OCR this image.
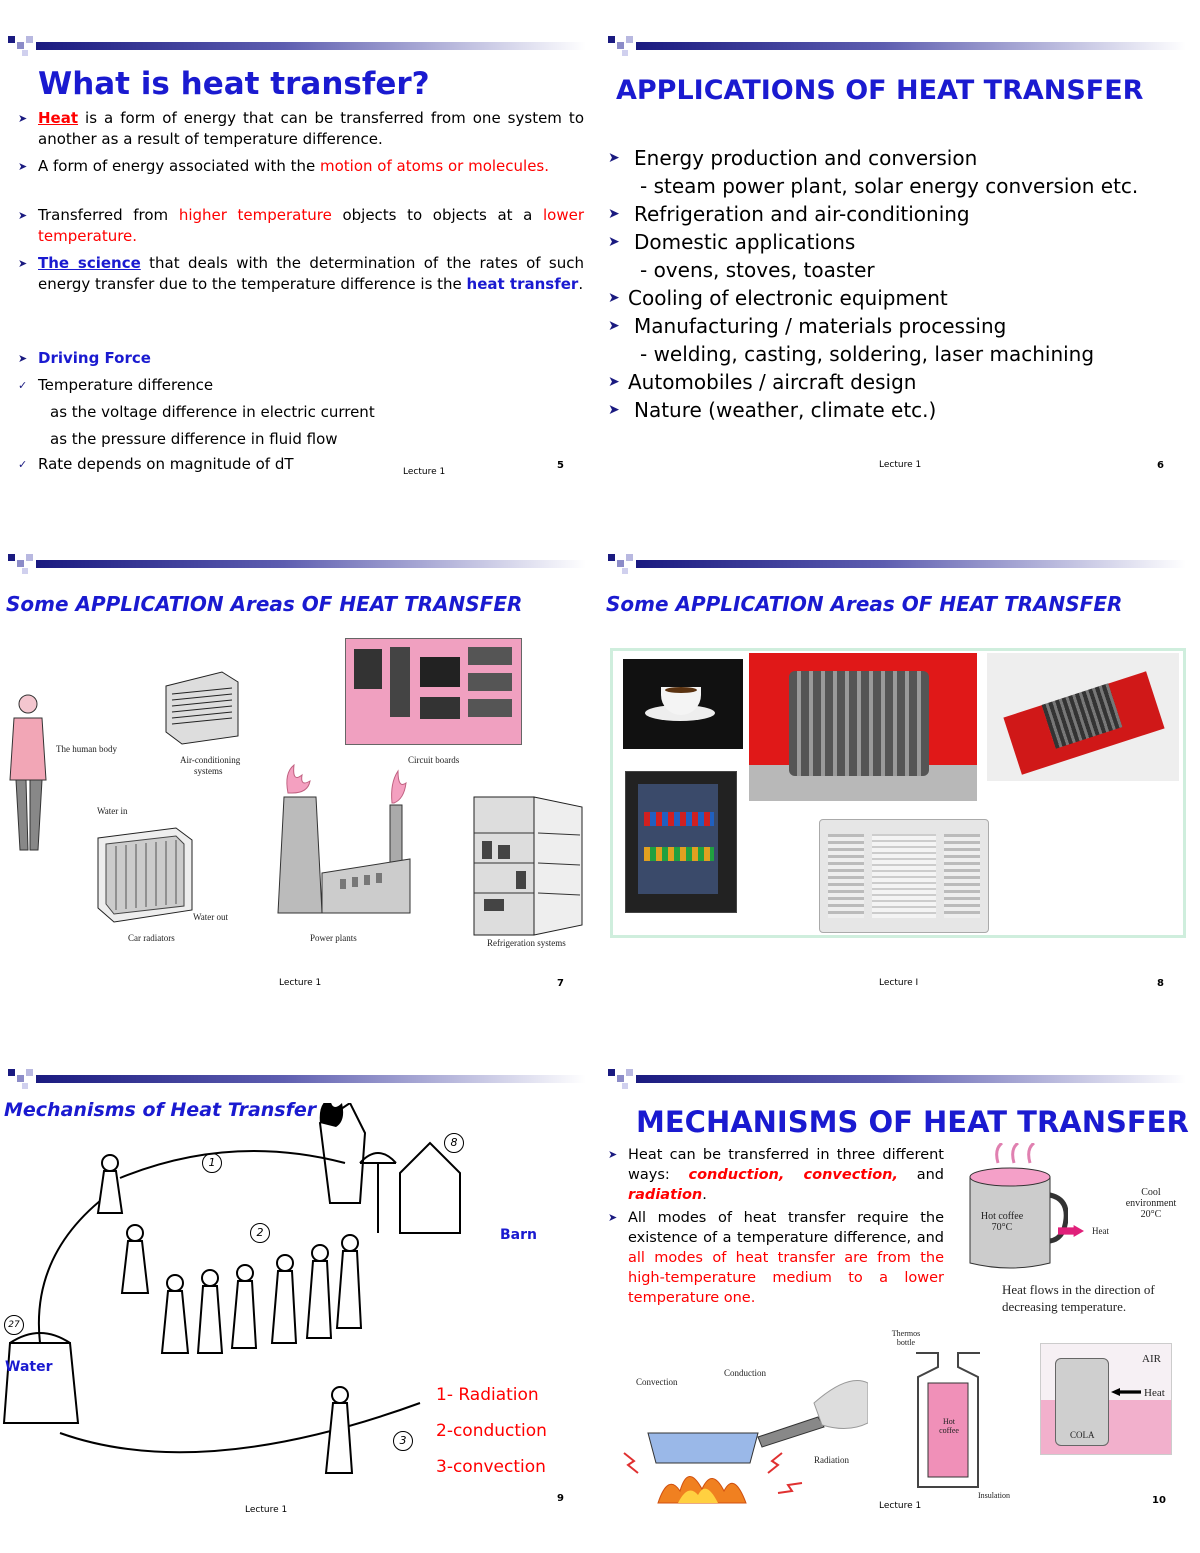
What is heat transfer?
➤ Heat is a form of energy that can be transferred from one system to another as a result of temperature difference.
➤ A form of energy associated with the motion of atoms or molecules.
➤ Transferred from higher temperature objects to objects at a lower temperature.
➤ The science that deals with the determination of the rates of such energy transfer due to the temperature difference is the heat transfer.
➤ Driving Force
✓ Temperature difference
as the voltage difference in electric current
as the pressure difference in fluid flow
✓ Rate depends on magnitude of dT	Lecture 1
5
APPLICATIONS OF HEAT TRANSFER
➤ Energy production and conversion
- steam power plant, solar energy conversion etc.
➤ Refrigeration and air-conditioning
➤ Domestic applications
- ovens, stoves, toaster
➤ Cooling of electronic equipment
➤ Manufacturing / materials processing
- welding, casting, soldering, laser machining
➤ Automobiles / aircraft design
➤ Nature (weather, climate etc.)
Lecture 1	6
Some APPLICATION Areas OF HEAT TRANSFER
The human body
Air-conditioning
systems
Circuit boards
Water in
Water out
Car radiators	Power plants	Refrigeration systems
Lecture 1	7
Some APPLICATION Areas OF HEAT TRANSFER
Lecture I	8
Mechanisms of Heat Transfer
1
2
3
8
27
Barn
Water
1- Radiation
2-conduction
3-convection
Lecture 1
9
MECHANISMS OF HEAT TRANSFER
➤ Heat can be transferred in three different ways: conduction, convection, and radiation.
➤ All modes of heat transfer require the existence of a temperature difference, and all modes of heat transfer are from the high-temperature medium to a lower temperature one.
Hot coffee 70°C	Heat
Cool environment 20°C
Heat flows in the direction of decreasing temperature.
Convection
Conduction
Radiation
Thermos bottle
Hot coffee
Insulation
AIR
Heat
COLA
Lecture 1	10
